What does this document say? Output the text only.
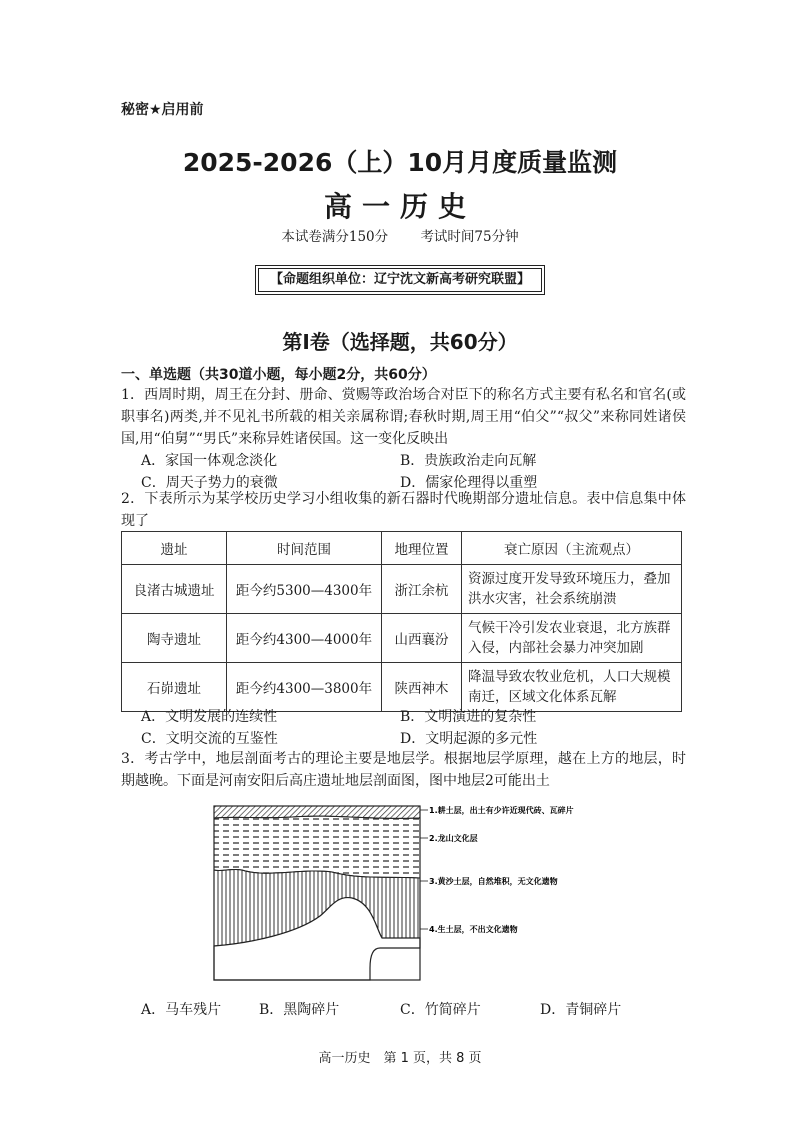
秘密★启用前
2025-2026（上）10月月度质量监测
高一历史
本试卷满分150分 考试时间75分钟
【命题组织单位：辽宁沈文新高考研究联盟】
第Ⅰ卷（选择题，共60分）
一、单选题（共30道小题，每小题2分，共60分）
1．西周时期，周王在分封、册命、赏赐等政治场合对臣下的称名方式主要有私名和官名(或职事名)两类,并不见礼书所载的相关亲属称谓;春秋时期,周王用“伯父”“叔父”来称同姓诸侯国,用“伯舅”“男氏”来称异姓诸侯国。这一变化反映出
A．家国一体观念淡化	B．贵族政治走向瓦解
C．周天子势力的衰微	D．儒家伦理得以重塑
2．下表所示为某学校历史学习小组收集的新石器时代晚期部分遗址信息。表中信息集中体现了
遗址	时间范围	地理位置	衰亡原因（主流观点）
良渚古城遗址	距今约5300—4300年	浙江余杭	资源过度开发导致环境压力，叠加洪水灾害，社会系统崩溃
陶寺遗址	距今约4300—4000年	山西襄汾	气候干冷引发农业衰退，北方族群入侵，内部社会暴力冲突加剧
石峁遗址	距今约4300—3800年	陕西神木	降温导致农牧业危机，人口大规模南迁，区域文化体系瓦解
A．文明发展的连续性	B．文明演进的复杂性
C．文明交流的互鉴性	D．文明起源的多元性
3．考古学中，地层剖面考古的理论主要是地层学。根据地层学原理，越在上方的地层，时期越晚。下面是河南安阳后高庄遗址地层剖面图，图中地层2可能出土
1.耕土层，出土有少许近现代砖、瓦碎片
2.龙山文化层
3.黄沙土层，自然堆积，无文化遗物
4.生土层，不出文化遗物
A．马车残片	B．黑陶碎片	C．竹简碎片	D．青铜碎片
高一历史　第 1 页，共 8 页
